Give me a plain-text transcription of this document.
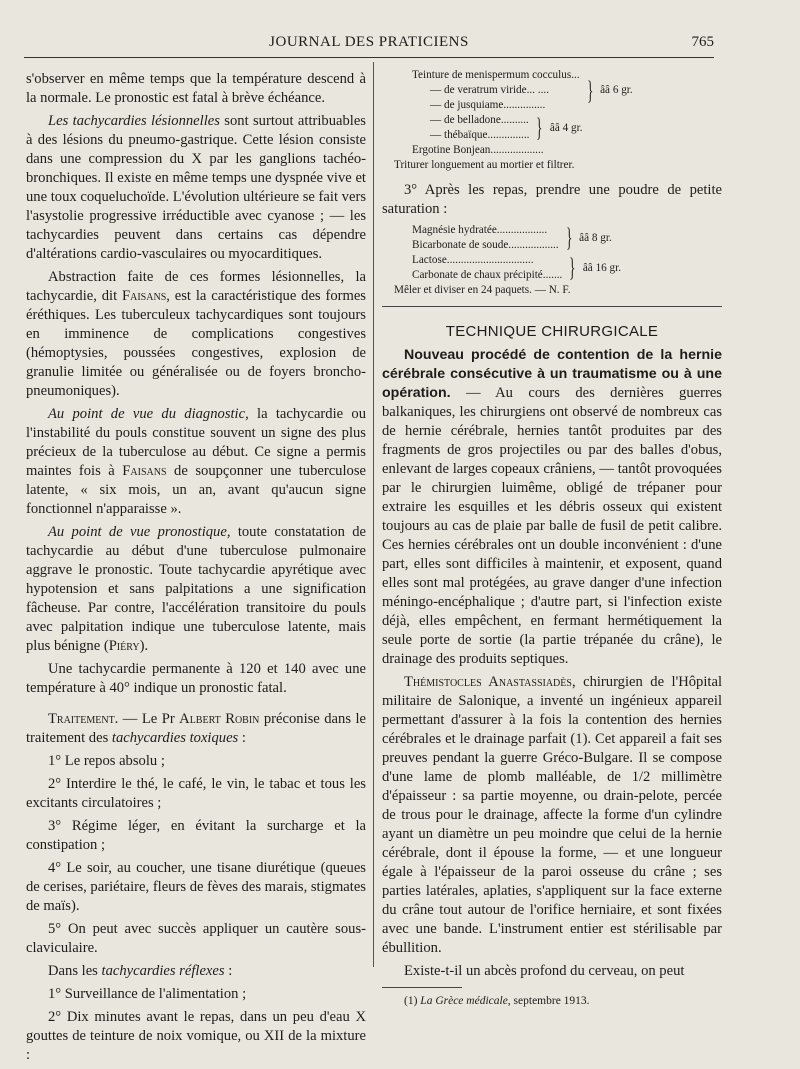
JOURNAL DES PRATICIENS	765

s'observer en même temps que la température descend à la normale. Le pronostic est fatal à brève échéance.

Les tachycardies lésionnelles sont surtout attribuables à des lésions du pneumo-gastrique. Cette lésion consiste dans une compression du X par les ganglions tachéo-bronchiques. Il existe en même temps une dyspnée vive et une toux coqueluchoïde. L'évolution ultérieure se fait vers l'asystolie progressive irréductible avec cyanose ; — les tachycardies peuvent dans certains cas dépendre d'altérations cardio-vasculaires ou myocarditiques.

Abstraction faite de ces formes lésionnelles, la tachycardie, dit Faisans, est la caractéristique des formes éréthiques. Les tuberculeux tachycardiques sont toujours en imminence de complications congestives (hémoptysies, poussées congestives, explosion de granulie limitée ou généralisée ou de foyers broncho-pneumoniques).

Au point de vue du diagnostic, la tachycardie ou l'instabilité du pouls constitue souvent un signe des plus précieux de la tuberculose au début. Ce signe a permis maintes fois à Faisans de soupçonner une tuberculose latente, « six mois, un an, avant qu'aucun signe fonctionnel n'apparaisse ».

Au point de vue pronostique, toute constatation de tachycardie au début d'une tuberculose pulmonaire aggrave le pronostic. Toute tachycardie apyrétique avec hypotension et sans palpitations a une signification fâcheuse. Par contre, l'accélération transitoire du pouls avec palpitation indique une tuberculose latente, mais plus bénigne (Piéry).

Une tachycardie permanente à 120 et 140 avec une température à 40° indique un pronostic fatal.

Traitement. — Le Pr Albert Robin préconise dans le traitement des tachycardies toxiques :

1° Le repos absolu ;

2° Interdire le thé, le café, le vin, le tabac et tous les excitants circulatoires ;

3° Régime léger, en évitant la surcharge et la constipation ;

4° Le soir, au coucher, une tisane diurétique (queues de cerises, pariétaire, fleurs de fèves des marais, stigmates de maïs).

5° On peut avec succès appliquer un cautère sous-claviculaire.

Dans les tachycardies réflexes :

1° Surveillance de l'alimentation ;

2° Dix minutes avant le repas, dans un peu d'eau X gouttes de teinture de noix vomique, ou XII de la mixture :

Teinture de menispermum cocculus...
— de veratrum viride... ....
— de jusquiame...............
} ââ 6 gr.
— de belladone..........
— thébaïque............... } ââ 4 gr.
Ergotine Bonjean...................
Triturer longuement au mortier et filtrer.

3° Après les repas, prendre une poudre de petite saturation :

Magnésie hydratée..................
Bicarbonate de soude.................. } ââ 8 gr.
Lactose...............................
Carbonate de chaux précipité....... } ââ 16 gr.
Mêler et diviser en 24 paquets. — N. F.
TECHNIQUE CHIRURGICALE

Nouveau procédé de contention de la hernie cérébrale consécutive à un traumatisme ou à une opération. — Au cours des dernières guerres balkaniques, les chirurgiens ont observé de nombreux cas de hernie cérébrale, hernies tantôt produites par des fragments de gros projectiles ou par des balles d'obus, enlevant de larges copeaux crâniens, — tantôt provoquées par le chirurgien luimême, obligé de trépaner pour extraire les esquilles et les débris osseux qui existent toujours au cas de plaie par balle de fusil de petit calibre. Ces hernies cérébrales ont un double inconvénient : d'une part, elles sont difficiles à maintenir, et exposent, quand elles sont mal protégées, au grave danger d'une infection méningo-encéphalique ; d'autre part, si l'infection existe déjà, elles empêchent, en fermant hermétiquement la seule porte de sortie (la partie trépanée du crâne), le drainage des produits septiques.

Thémistocles Anastassiadès, chirurgien de l'Hôpital militaire de Salonique, a inventé un ingénieux appareil permettant d'assurer à la fois la contention des hernies cérébrales et le drainage parfait (1). Cet appareil a fait ses preuves pendant la guerre Gréco-Bulgare. Il se compose d'une lame de plomb malléable, de 1/2 millimètre d'épaisseur : sa partie moyenne, ou drain-pelote, percée de trous pour le drainage, affecte la forme d'un cylindre ayant un diamètre un peu moindre que celui de la hernie cérébrale, dont il épouse la forme, — et une longueur égale à l'épaisseur de la paroi osseuse du crâne ; ses parties latérales, aplaties, s'appliquent sur la face externe du crâne tout autour de l'orifice herniaire, et sont fixées avec une bande. L'instrument entier est stérilisable par ébullition.

Existe-t-il un abcès profond du cerveau, on peut

(1) La Grèce médicale, septembre 1913.
